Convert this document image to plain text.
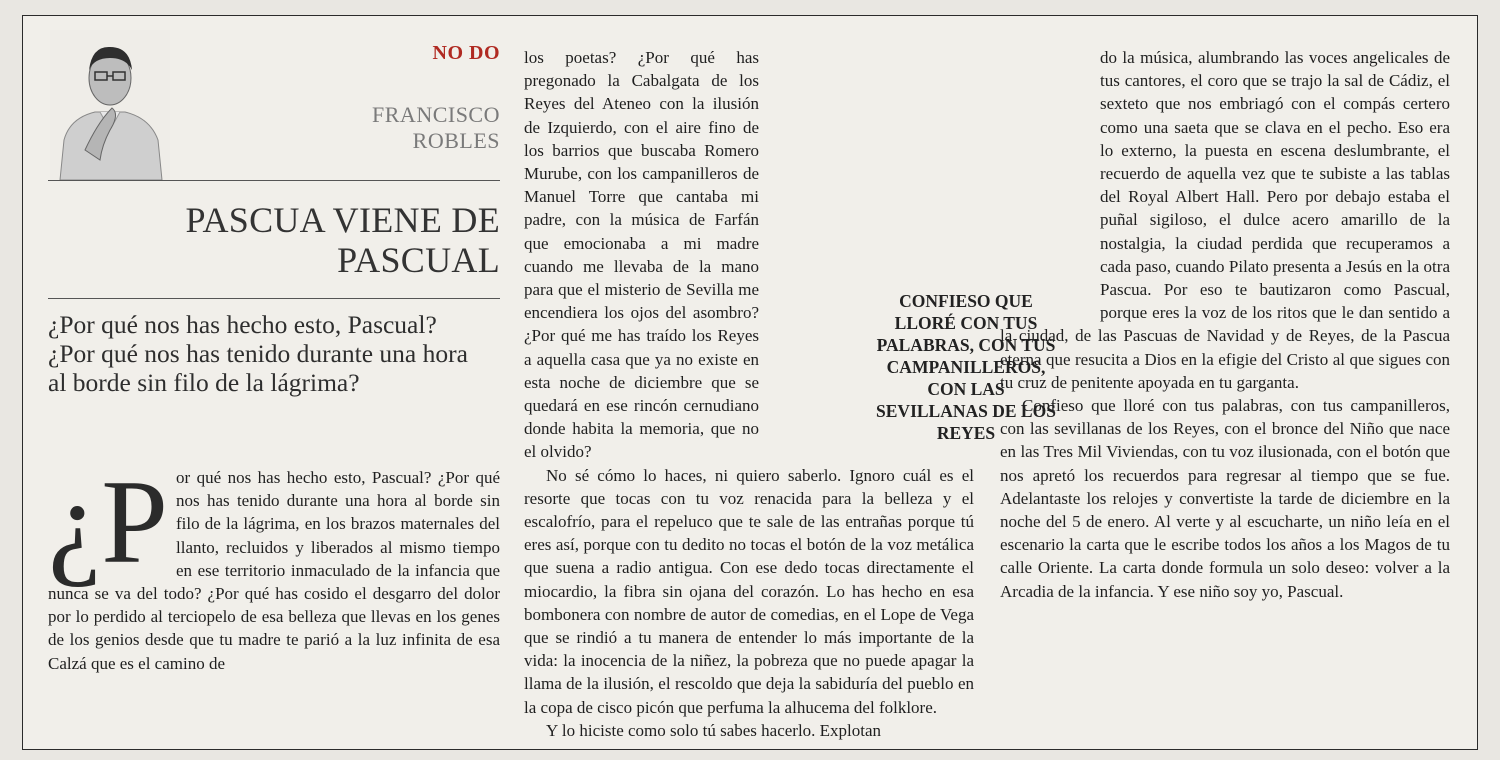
NO DO
FRANCISCO
ROBLES
PASCUA VIENE DE PASCUAL
¿Por qué nos has hecho esto, Pascual? ¿Por qué nos has tenido durante una hora al borde sin filo de la lágrima?
¿P or qué nos has hecho esto, Pascual? ¿Por qué nos has tenido durante una hora al borde sin filo de la lágrima, en los brazos maternales del llanto, recluidos y liberados al mismo tiempo en ese territorio inmaculado de la infancia que nunca se va del todo? ¿Por qué has cosido el desgarro del dolor por lo perdido al terciopelo de esa belleza que llevas en los genes de los genios desde que tu madre te parió a la luz infinita de esa Calzá que es el camino de

los poetas? ¿Por qué has pregonado la Cabalgata de los Reyes del Ateneo con la ilusión de Izquierdo, con el aire fino de los barrios que buscaba Romero Murube, con los campanilleros de Manuel Torre que cantaba mi padre, con la música de Farfán que emocionaba a mi madre cuando me llevaba de la mano para que el misterio de Sevilla me encendiera los ojos del asombro? ¿Por qué me has traído los Reyes a aquella casa que ya no existe en esta noche de diciembre que se quedará en ese rincón cernudiano donde habita la memoria, que no el olvido?

No sé cómo lo haces, ni quiero saberlo. Ignoro cuál es el resorte que tocas con tu voz renacida para la belleza y el escalofrío, para el repeluco que te sale de las entrañas porque tú eres así, porque con tu dedito no tocas el botón de la voz metálica que suena a radio antigua. Con ese dedo tocas directamente el miocardio, la fibra sin ojana del corazón. Lo has hecho en esa bombonera con nombre de autor de comedias, en el Lope de Vega que se rindió a tu manera de entender lo más importante de la vida: la inocencia de la niñez, la pobreza que no puede apagar la llama de la ilusión, el rescoldo que deja la sabiduría del pueblo en la copa de cisco picón que perfuma la alhucema del folklore.

Y lo hiciste como solo tú sabes hacerlo. Explotan

CONFIESO QUE LLORÉ CON TUS PALABRAS, CON TUS CAMPANILLEROS, CON LAS SEVILLANAS DE LOS REYES

do la música, alumbrando las voces angelicales de tus cantores, el coro que se trajo la sal de Cádiz, el sexteto que nos embriagó con el compás certero como una saeta que se clava en el pecho. Eso era lo externo, la puesta en escena deslumbrante, el recuerdo de aquella vez que te subiste a las tablas del Royal Albert Hall. Pero por debajo estaba el puñal sigiloso, el dulce acero amarillo de la nostalgia, la ciudad perdida que recuperamos a cada paso, cuando Pilato presenta a Jesús en la otra Pascua. Por eso te bautizaron como Pascual, porque eres la voz de los ritos que le dan sentido a la ciudad, de las Pascuas de Navidad y de Reyes, de la Pascua eterna que resucita a Dios en la efigie del Cristo al que sigues con tu cruz de penitente apoyada en tu garganta.

Confieso que lloré con tus palabras, con tus campanilleros, con las sevillanas de los Reyes, con el bronce del Niño que nace en las Tres Mil Viviendas, con tu voz ilusionada, con el botón que nos apretó los recuerdos para regresar al tiempo que se fue. Adelantaste los relojes y convertiste la tarde de diciembre en la noche del 5 de enero. Al verte y al escucharte, un niño leía en el escenario la carta que le escribe todos los años a los Magos de tu calle Oriente. La carta donde formula un solo deseo: volver a la Arcadia de la infancia. Y ese niño soy yo, Pascual.
